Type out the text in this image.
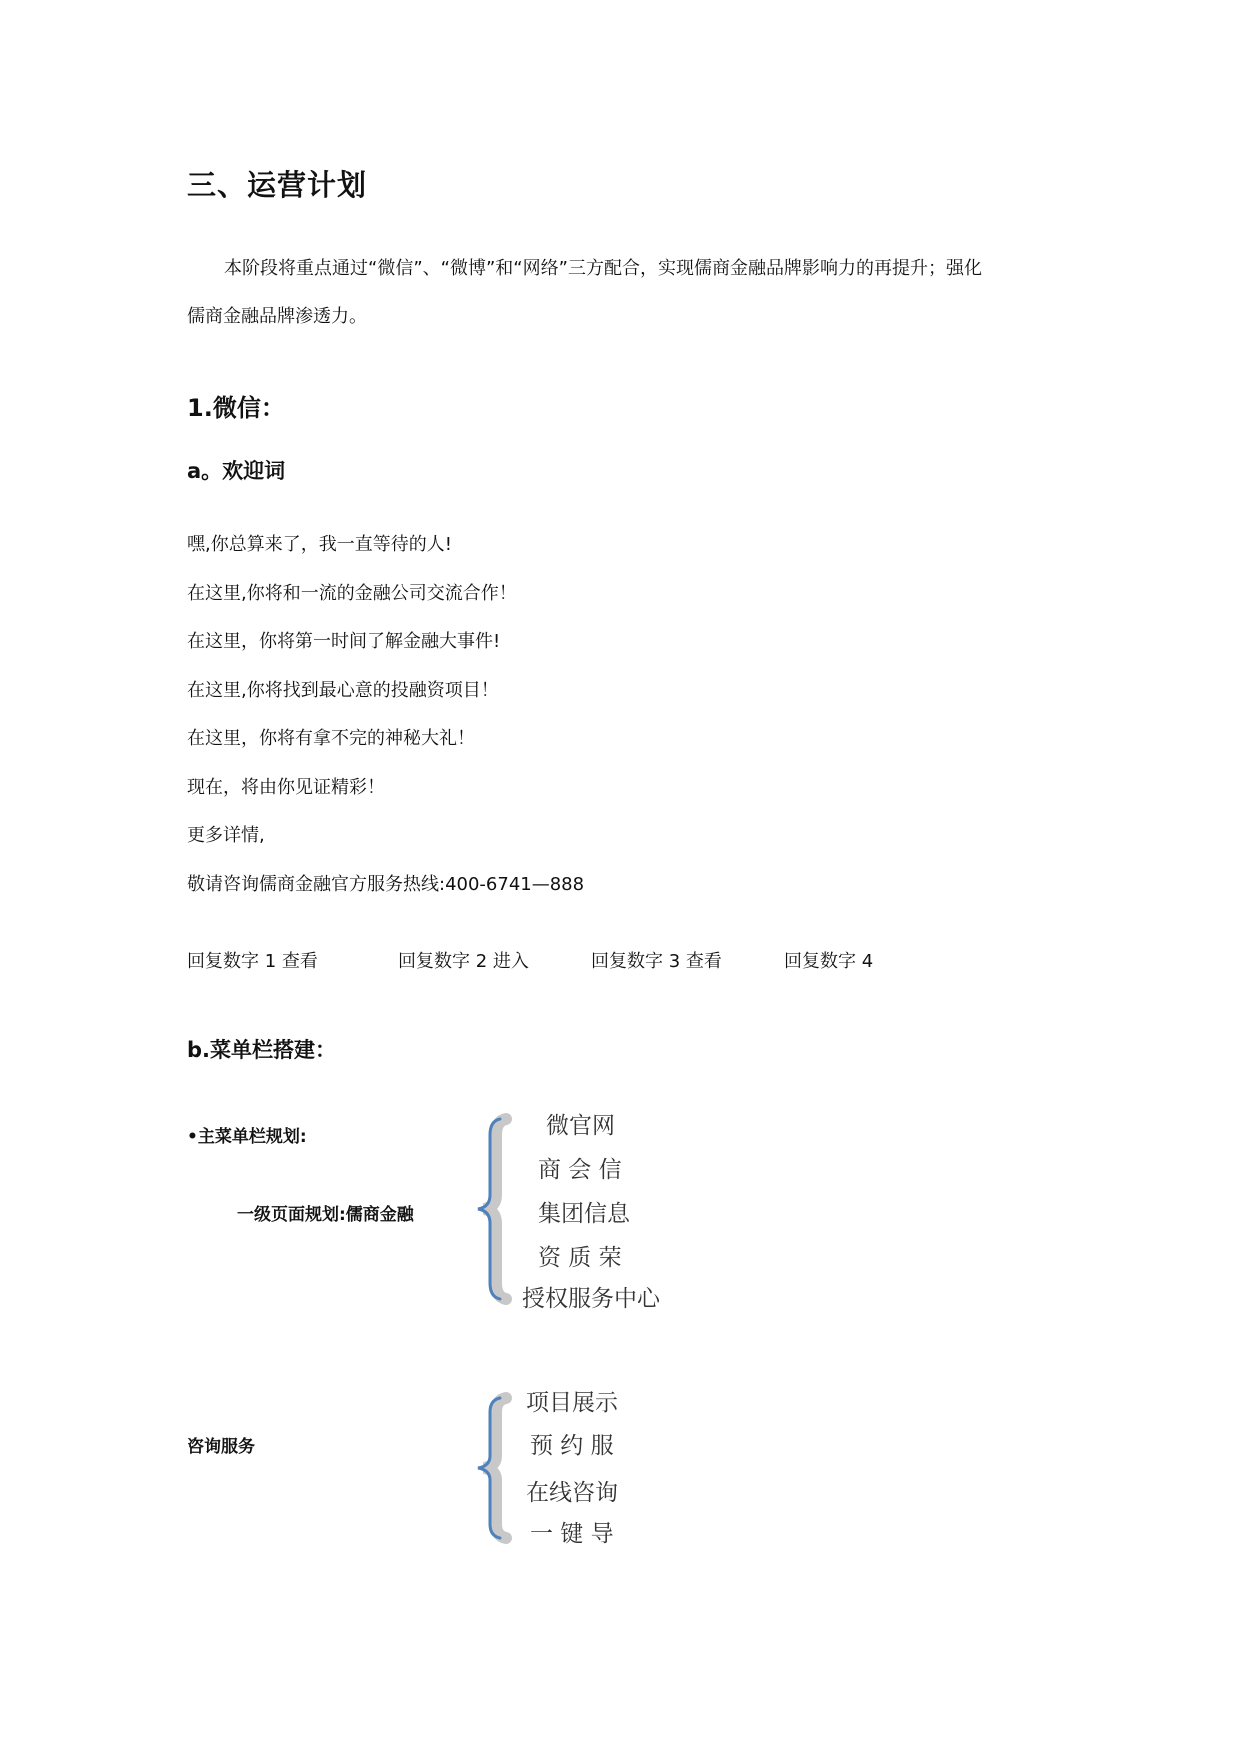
三、运营计划
本阶段将重点通过“微信”、“微博”和“网络”三方配合，实现儒商金融品牌影响力的再提升；强化
儒商金融品牌渗透力。
1.微信：
a。欢迎词
嘿,你总算来了，我一直等待的人!
在这里,你将和一流的金融公司交流合作！
在这里，你将第一时间了解金融大事件!
在这里,你将找到最心意的投融资项目！
在这里，你将有拿不完的神秘大礼！
现在，将由你见证精彩！
更多详情,
敬请咨询儒商金融官方服务热线:400-6741—888
回复数字 1 查看	回复数字 2 进入	回复数字 3 查看	回复数字 4
b.菜单栏搭建：
•主菜单栏规划:
一级页面规划:儒商金融
微官网
商 会 信
集团信息
资 质 荣
授权服务中心
咨询服务
项目展示
预 约 服
在线咨询
一 键 导
